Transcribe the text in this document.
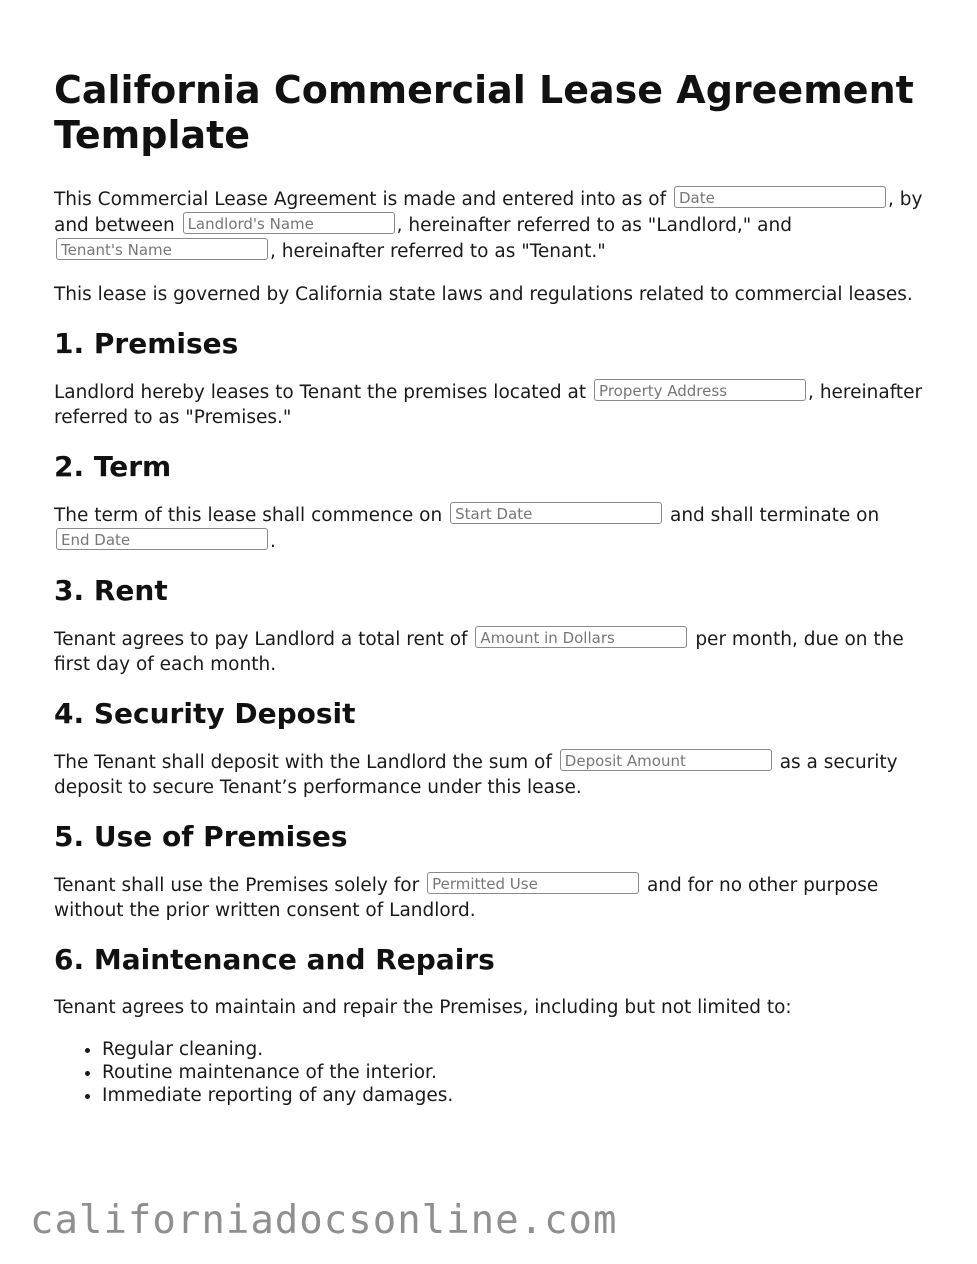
California Commercial Lease Agreement Template

This Commercial Lease Agreement is made and entered into as of Date	, by and between Landlord's Name	, hereinafter referred to as "Landlord," and Tenant's Name	, hereinafter referred to as "Tenant."

This lease is governed by California state laws and regulations related to commercial leases.

1. Premises

Landlord hereby leases to Tenant the premises located at Property Address	, hereinafter referred to as "Premises."

2. Term

The term of this lease shall commence on Start Date	and shall terminate on End Date	.

3. Rent

Tenant agrees to pay Landlord a total rent of Amount in Dollars	per month, due on the first day of each month.

4. Security Deposit

The Tenant shall deposit with the Landlord the sum of Deposit Amount	as a security deposit to secure Tenant’s performance under this lease.

5. Use of Premises

Tenant shall use the Premises solely for Permitted Use	and for no other purpose without the prior written consent of Landlord.

6. Maintenance and Repairs

Tenant agrees to maintain and repair the Premises, including but not limited to:

• Regular cleaning.
• Routine maintenance of the interior.
• Immediate reporting of any damages.
californiadocsonline.com
